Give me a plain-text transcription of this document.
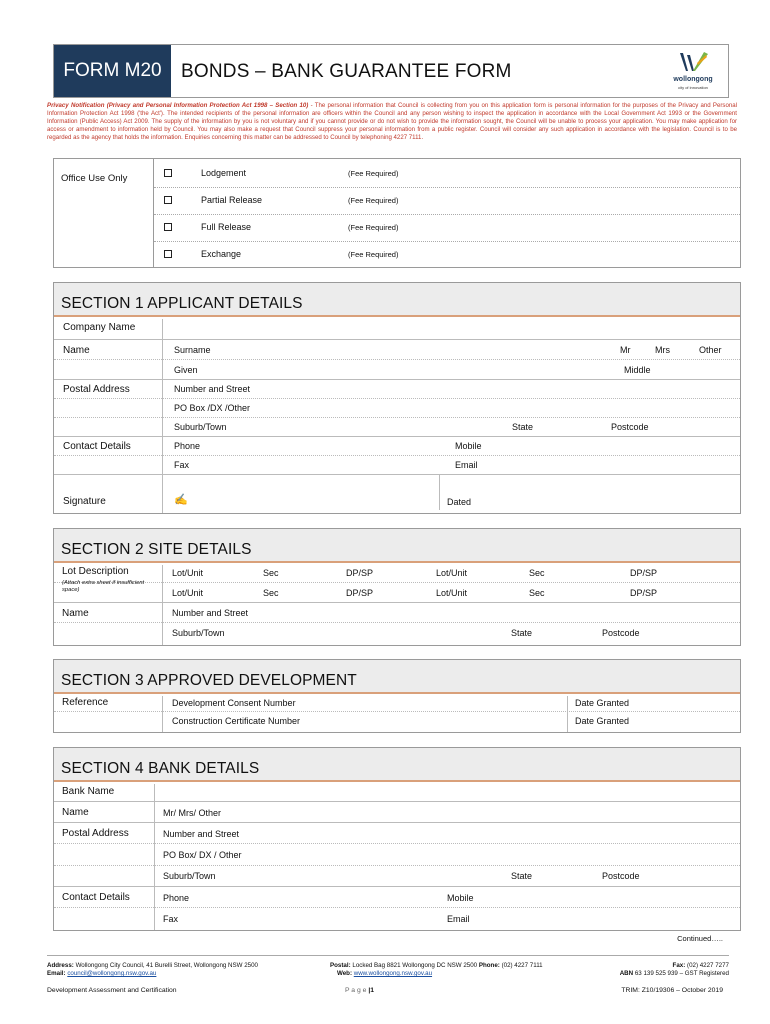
FORM M20	BONDS – BANK GUARANTEE FORM	wollongong
city of innovation
Privacy Notification (Privacy and Personal Information Protection Act 1998 – Section 10) - The personal information that Council is collecting from you on this application form is personal information for the purposes of the Privacy and Personal Information Protection Act 1998 ('the Act'). The intended recipients of the personal information are officers within the Council and any person wishing to inspect the application in accordance with the Local Government Act 1993 or the Government Information (Public Access) Act 2009. The supply of the information by you is not voluntary and if you cannot provide or do not wish to provide the information sought, the Council will be unable to process your application. You may make application for access or amendment to information held by Council. You may also make a request that Council suppress your personal information from a public register. Council will consider any such application in accordance with the legislation. Council is to be regarded as the agency that holds the information. Enquiries concerning this matter can be addressed to Council by telephoning 4227 7111.
Office Use Only	Lodgement	(Fee Required)
Partial Release	(Fee Required)
Full Release	(Fee Required)
Exchange	(Fee Required)
SECTION 1 APPLICANT DETAILS
Company Name
Name	Surname	Mr	Mrs	Other
Given	Middle
Postal Address	Number and Street
PO Box /DX /Other
Suburb/Town	State	Postcode
Contact Details	Phone	Mobile
Fax	Email
Signature	✍	Dated
SECTION 2 SITE DETAILS
Lot Description	Lot/Unit	Sec	DP/SP	Lot/Unit	Sec	DP/SP
(Attach extra sheet if insufficient space)	Lot/Unit	Sec	DP/SP	Lot/Unit	Sec	DP/SP
Name	Number and Street
Suburb/Town	State	Postcode
SECTION 3 APPROVED DEVELOPMENT
Reference	Development Consent Number	Date Granted
Construction Certificate Number	Date Granted
SECTION 4 BANK DETAILS
Bank Name
Name	Mr/ Mrs/ Other
Postal Address	Number and Street
PO Box/ DX / Other
Suburb/Town	State	Postcode
Contact Details	Phone	Mobile
Fax	Email
Continued…..
Address: Wollongong City Council, 41 Burelli Street, Wollongong NSW 2500
Email: council@wollongong.nsw.gov.au
Postal: Locked Bag 8821 Wollongong DC NSW 2500 Phone: (02) 4227 7111
Web: www.wollongong.nsw.gov.au
Fax: (02) 4227 7277
ABN 63 139 525 939 – GST Registered
Development Assessment and Certification	P a g e |1	TRIM: Z10/19306 – October 2019
